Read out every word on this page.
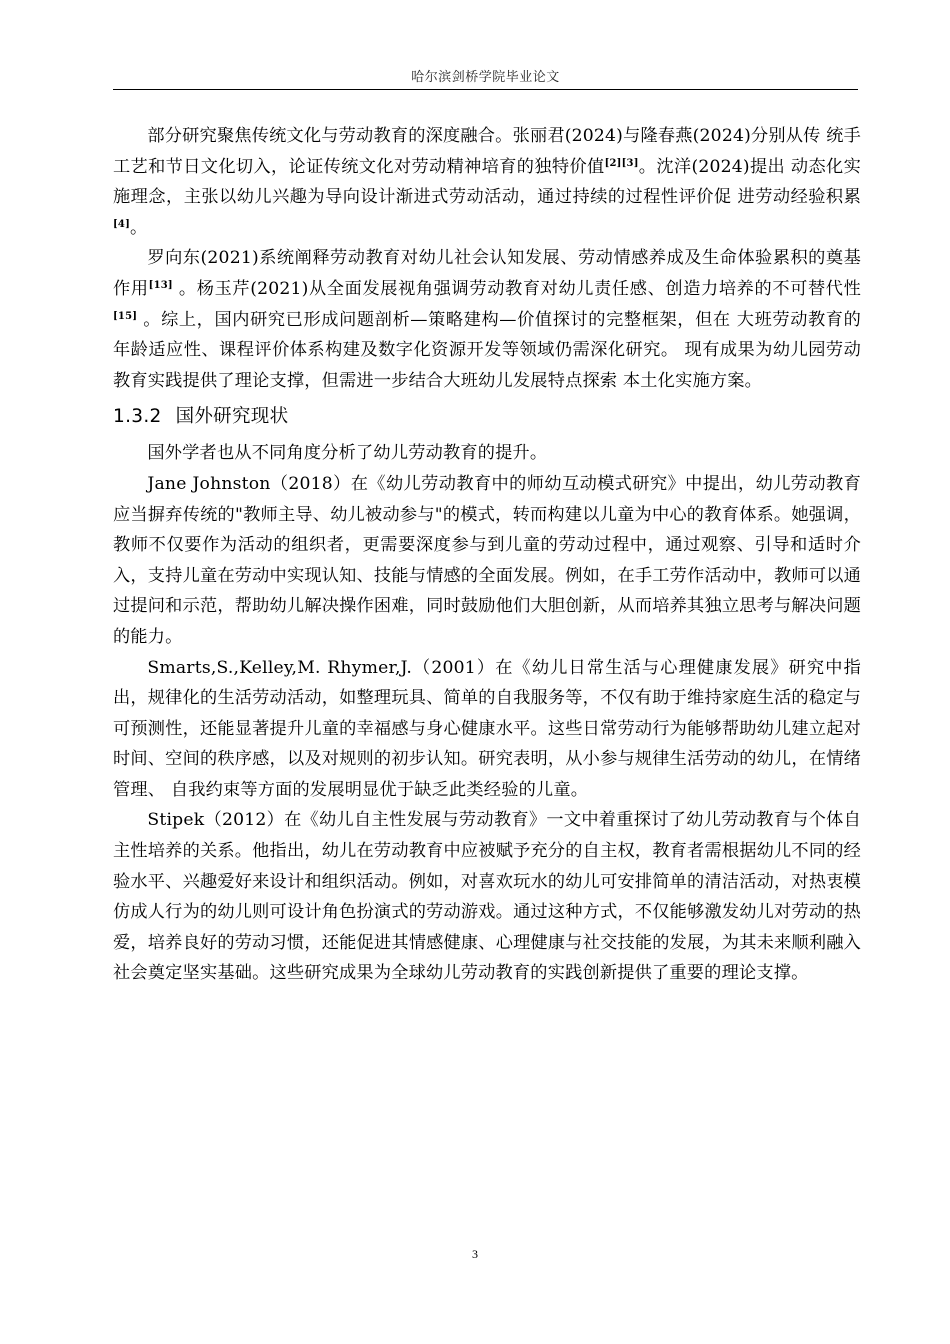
哈尔滨剑桥学院毕业论文

部分研究聚焦传统文化与劳动教育的深度融合。张丽君(2024)与隆春燕(2024)分别从传 统手工艺和节日文化切入，论证传统文化对劳动精神培育的独特价值[2][3]。沈洋(2024)提出 动态化实施理念，主张以幼儿兴趣为导向设计渐进式劳动活动，通过持续的过程性评价促 进劳动经验积累[4]。

罗向东(2021)系统阐释劳动教育对幼儿社会认知发展、劳动情感养成及生命体验累积的奠基作用[13] 。杨玉芹(2021)从全面发展视角强调劳动教育对幼儿责任感、创造力培养的不可替代性[15] 。综上，国内研究已形成问题剖析—策略建构—价值探讨的完整框架，但在 大班劳动教育的年龄适应性、课程评价体系构建及数字化资源开发等领域仍需深化研究。 现有成果为幼儿园劳动教育实践提供了理论支撑，但需进一步结合大班幼儿发展特点探索 本土化实施方案。

1.3.2 国外研究现状

国外学者也从不同角度分析了幼儿劳动教育的提升。

Jane Johnston（2018）在《幼儿劳动教育中的师幼互动模式研究》中提出，幼儿劳动教育应当摒弃传统的"教师主导、幼儿被动参与"的模式，转而构建以儿童为中心的教育体系。她强调，教师不仅要作为活动的组织者，更需要深度参与到儿童的劳动过程中，通过观察、引导和适时介入，支持儿童在劳动中实现认知、技能与情感的全面发展。例如，在手工劳作活动中，教师可以通过提问和示范，帮助幼儿解决操作困难，同时鼓励他们大胆创新，从而培养其独立思考与解决问题的能力。

Smarts,S.,Kelley,M. Rhymer,J.（2001）在《幼儿日常生活与心理健康发展》研究中指出，规律化的生活劳动活动，如整理玩具、简单的自我服务等，不仅有助于维持家庭生活的稳定与可预测性，还能显著提升儿童的幸福感与身心健康水平。这些日常劳动行为能够帮助幼儿建立起对时间、空间的秩序感，以及对规则的初步认知。研究表明，从小参与规律生活劳动的幼儿，在情绪管理、 自我约束等方面的发展明显优于缺乏此类经验的儿童。

Stipek（2012）在《幼儿自主性发展与劳动教育》一文中着重探讨了幼儿劳动教育与个体自主性培养的关系。他指出，幼儿在劳动教育中应被赋予充分的自主权，教育者需根据幼儿不同的经验水平、兴趣爱好来设计和组织活动。例如，对喜欢玩水的幼儿可安排简单的清洁活动，对热衷模仿成人行为的幼儿则可设计角色扮演式的劳动游戏。通过这种方式，不仅能够激发幼儿对劳动的热爱，培养良好的劳动习惯，还能促进其情感健康、心理健康与社交技能的发展，为其未来顺利融入社会奠定坚实基础。这些研究成果为全球幼儿劳动教育的实践创新提供了重要的理论支撑。

3
